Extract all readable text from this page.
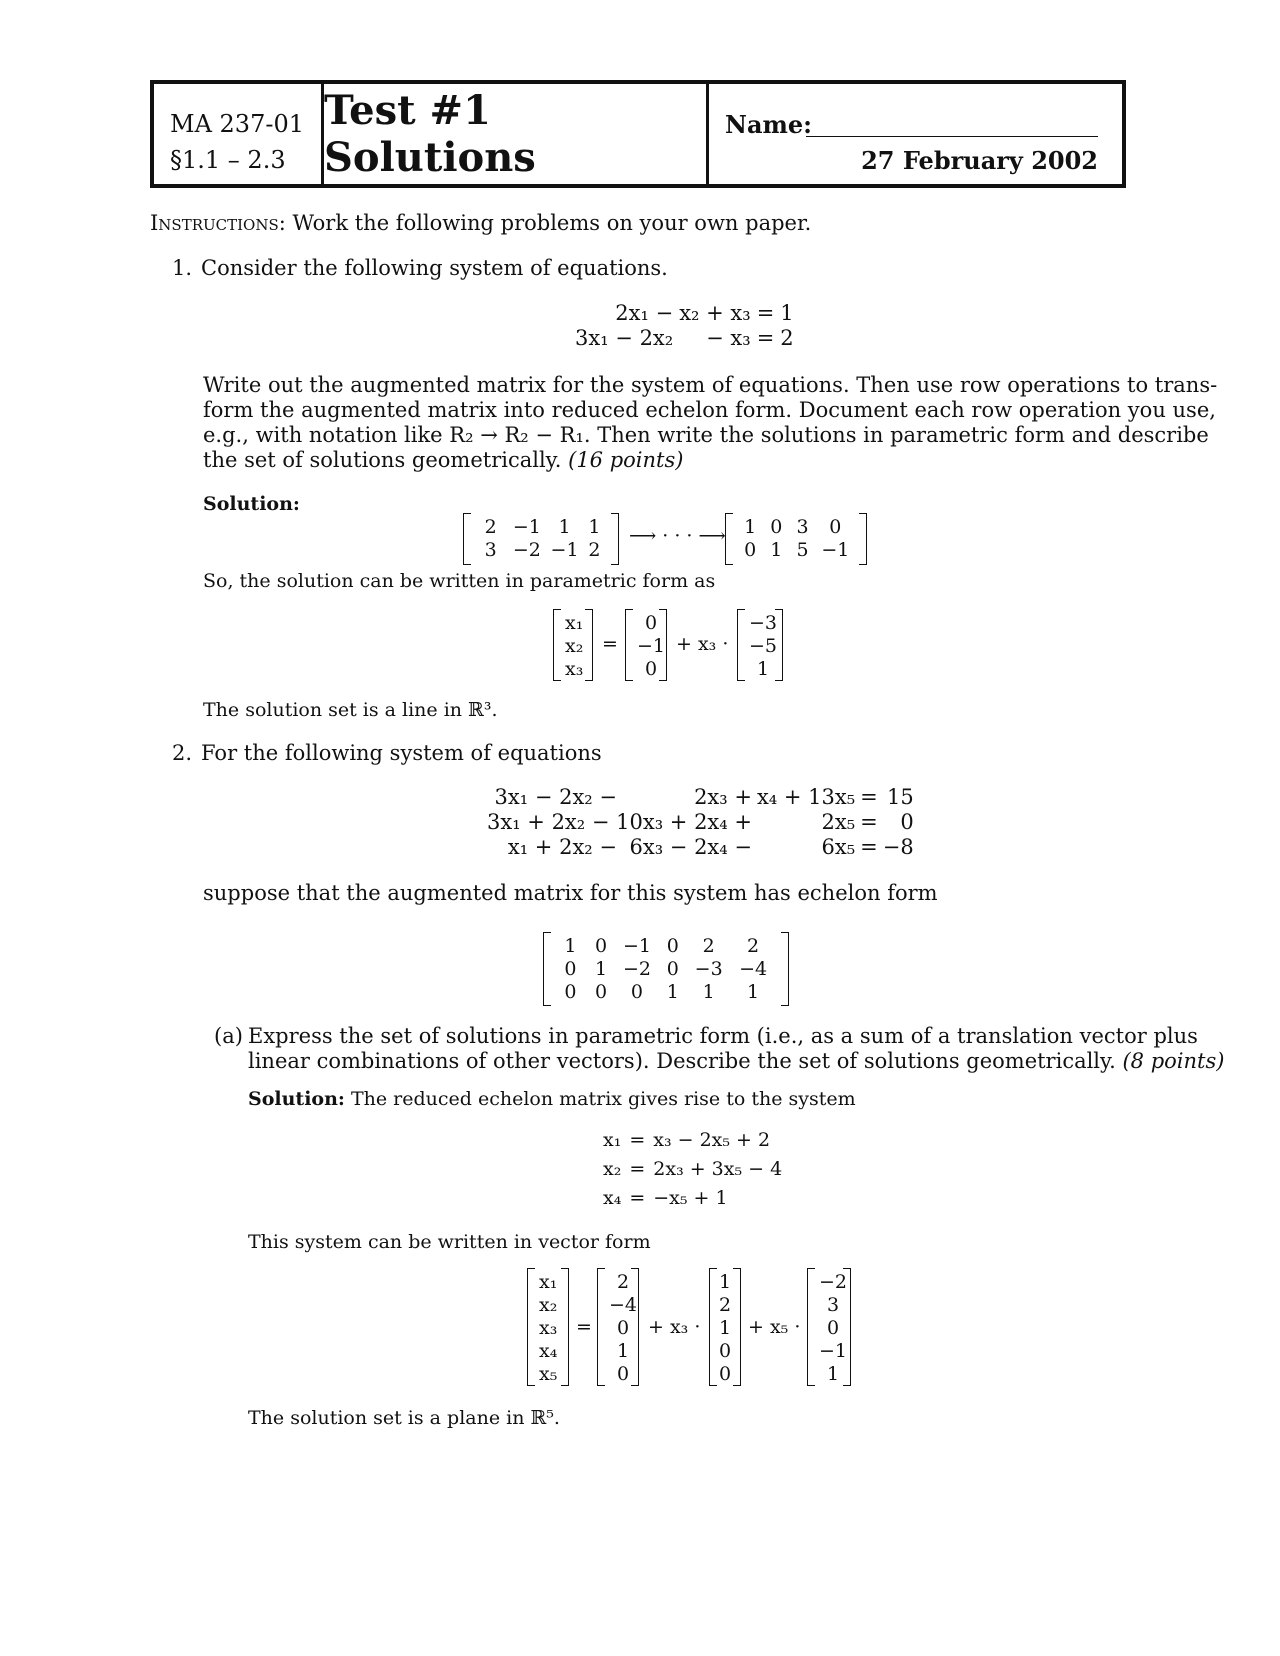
MA 237-01
§1.1 – 2.3
Test #1 Solutions
Name:
27 February 2002
Instructions: Work the following problems on your own paper.
1. Consider the following system of equations.
2x₁ − x₂ + x₃ = 1
3x₁ − 2x₂	− x₃ = 2
Write out the augmented matrix for the system of equations. Then use row operations to trans-
form the augmented matrix into reduced echelon form. Document each row operation you use,
e.g., with notation like R₂ → R₂ − R₁. Then write the solutions in parametric form and describe
the set of solutions geometrically. (16 points)
Solution:
2 −1 1 1
3 −2 −1 2
⟶ · · · ⟶ 1 0 3	0
0 1 5 −1
So, the solution can be written in parametric form as
x₁
x₂
x₃
=
0
−1
0
+ x₃ ·
−3
−5
1
The solution set is a line in ℝ³.
2. For the following system of equations
3x₁ − 2x₂ −	2x₃ + x₄ + 13x₅ = 15
3x₁ + 2x₂ − 10x₃ + 2x₄ +	2x₅ =	0
x₁ + 2x₂ − 6x₃ − 2x₄ −	6x₅ = −8
suppose that the augmented matrix for this system has echelon form
1 0 −1 0	2	2
0 1 −2 0 −3 −4
0 0	0	1	1	1
(a) Express the set of solutions in parametric form (i.e., as a sum of a translation vector plus
linear combinations of other vectors). Describe the set of solutions geometrically. (8 points)
Solution: The reduced echelon matrix gives rise to the system
x₁ = x₃ − 2x₅ + 2
x₂ = 2x₃ + 3x₅ − 4
x₄ = −x₅ + 1
This system can be written in vector form
x₁
x₂
x₃
x₄
x₅
=
2
−4
0
1
0
+ x₃ ·
1
2
1
0
0
+ x₅ ·
−2
3
0
−1
1
The solution set is a plane in ℝ⁵.
